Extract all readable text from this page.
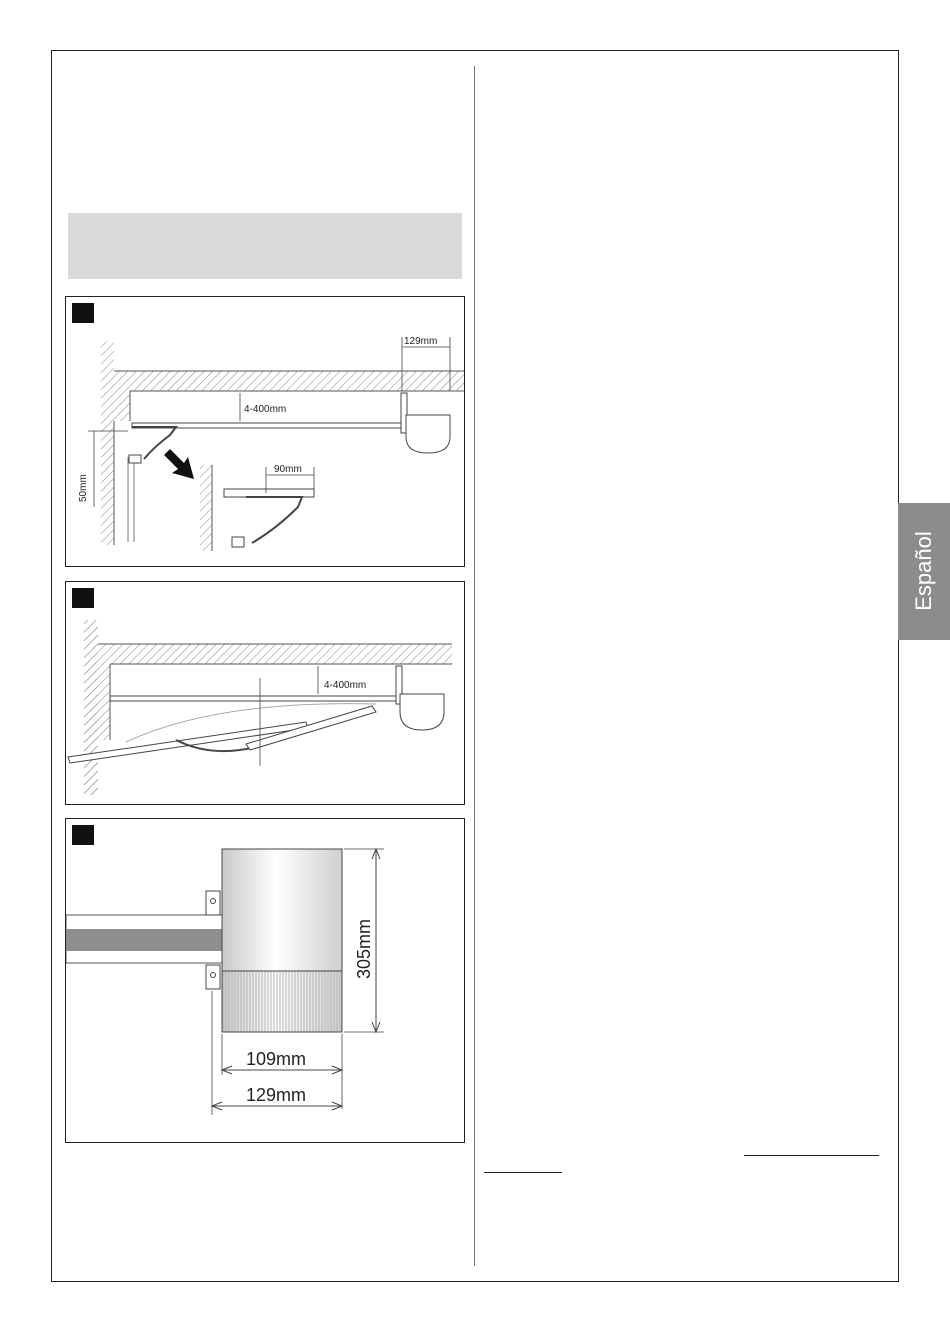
129mm
4-400mm
50mm
90mm
4-400mm
305mm
109mm
129mm
Español
